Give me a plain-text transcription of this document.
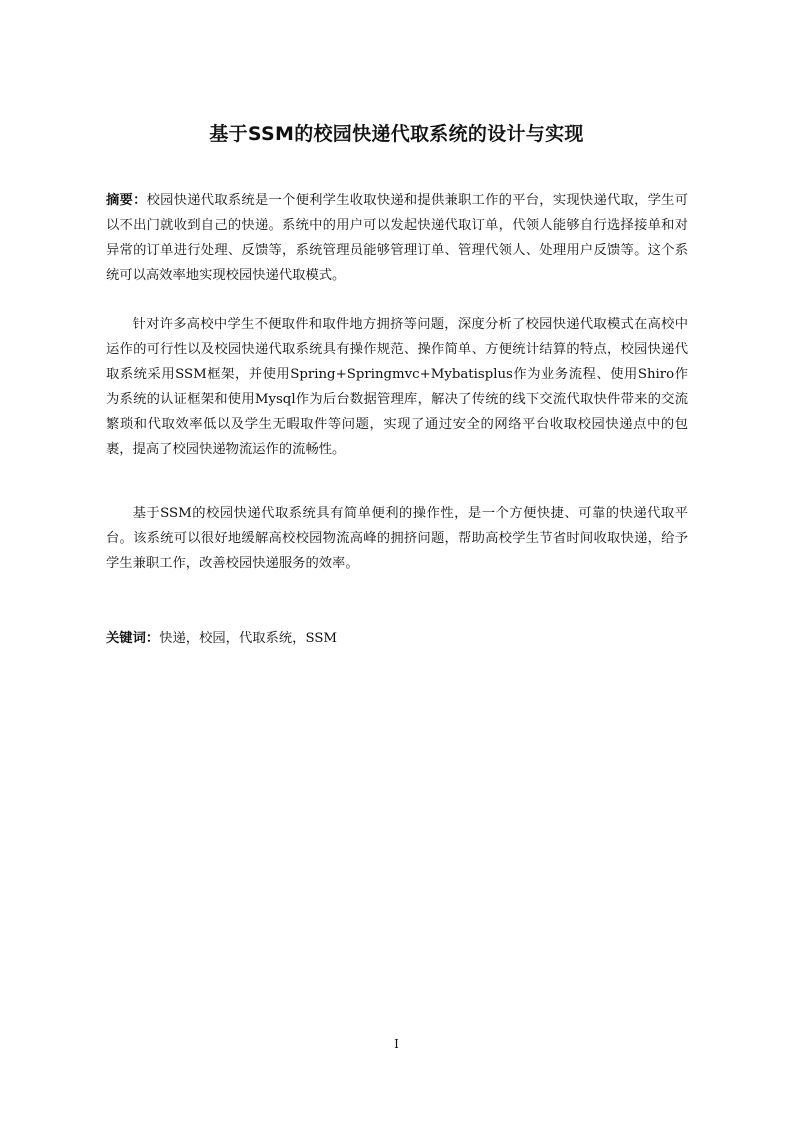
基于SSM的校园快递代取系统的设计与实现

摘要：校园快递代取系统是一个便利学生收取快递和提供兼职工作的平台，实现快递代取，学生可以不出门就收到自己的快递。系统中的用户可以发起快递代取订单，代领人能够自行选择接单和对异常的订单进行处理、反馈等，系统管理员能够管理订单、管理代领人、处理用户反馈等。这个系统可以高效率地实现校园快递代取模式。

针对许多高校中学生不便取件和取件地方拥挤等问题，深度分析了校园快递代取模式在高校中运作的可行性以及校园快递代取系统具有操作规范、操作简单、方便统计结算的特点，校园快递代取系统采用SSM框架，并使用Spring+Springmvc+Mybatisplus作为业务流程、使用Shiro作为系统的认证框架和使用Mysql作为后台数据管理库，解决了传统的线下交流代取快件带来的交流繁琐和代取效率低以及学生无暇取件等问题，实现了通过安全的网络平台收取校园快递点中的包裹，提高了校园快递物流运作的流畅性。

基于SSM的校园快递代取系统具有简单便利的操作性，是一个方便快捷、可靠的快递代取平台。该系统可以很好地缓解高校校园物流高峰的拥挤问题，帮助高校学生节省时间收取快递，给予学生兼职工作，改善校园快递服务的效率。

关键词：快递，校园，代取系统，SSM

I
